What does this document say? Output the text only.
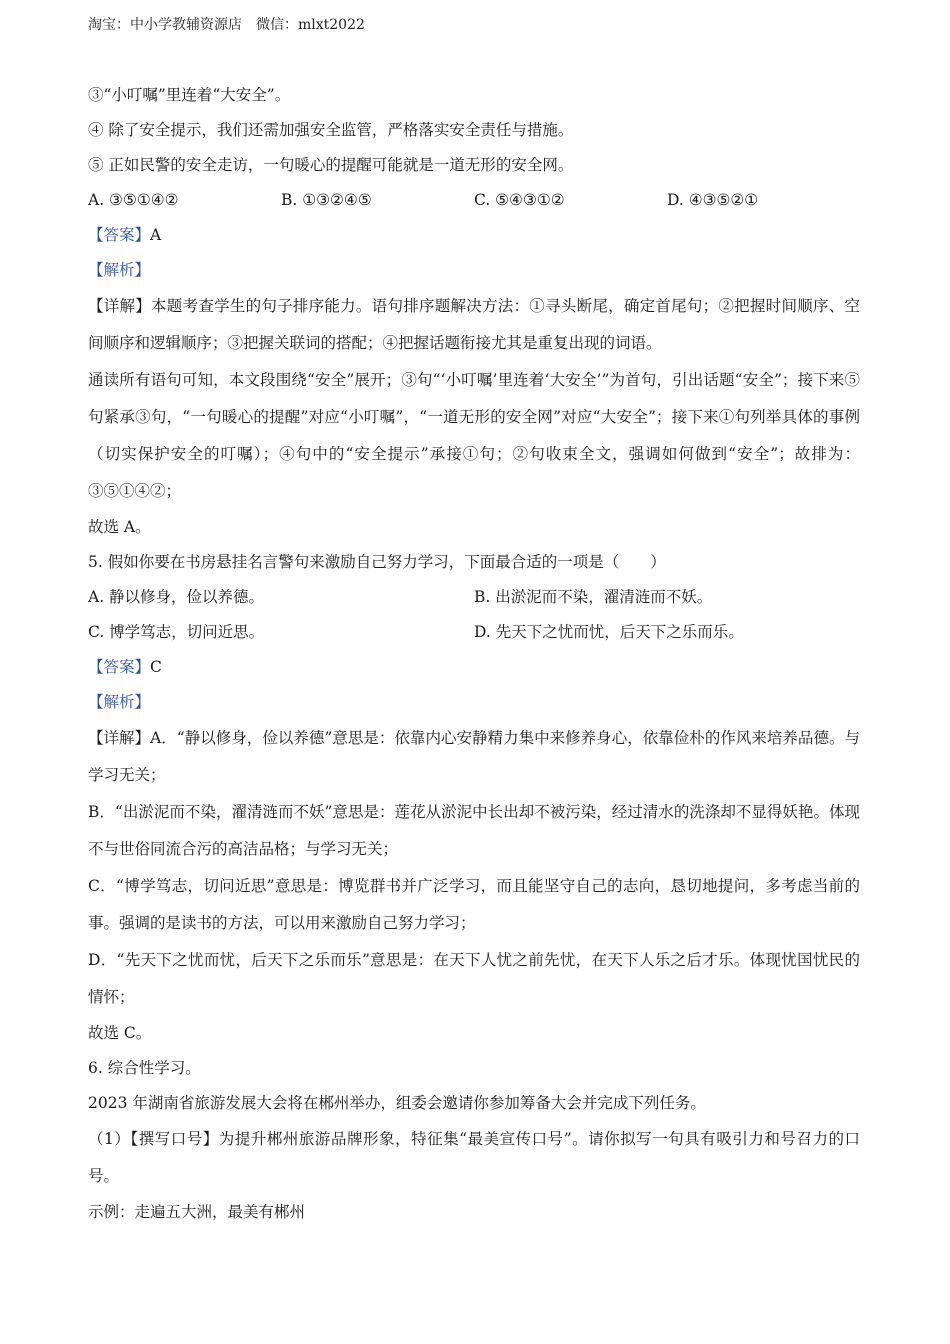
淘宝：中小学教辅资源店 微信：mlxt2022
③“小叮嘱”里连着“大安全”。
④ 除了安全提示，我们还需加强安全监管，严格落实安全责任与措施。
⑤ 正如民警的安全走访，一句暖心的提醒可能就是一道无形的安全网。
A. ③⑤①④②	B. ①③②④⑤	C. ⑤④③①②	D. ④③⑤②①
【答案】A
【解析】
【详解】本题考查学生的句子排序能力。语句排序题解决方法：①寻头断尾，确定首尾句；②把握时间顺序、空间顺序和逻辑顺序；③把握关联词的搭配；④把握话题衔接尤其是重复出现的词语。
通读所有语句可知，本文段围绕“安全”展开；③句“‘小叮嘱’里连着‘大安全’”为首句，引出话题“安全”；接下来⑤句紧承③句，“一句暖心的提醒”对应“小叮嘱”，“一道无形的安全网”对应“大安全”；接下来①句列举具体的事例（切实保护安全的叮嘱）；④句中的“安全提示”承接①句；②句收束全文，强调如何做到“安全”；故排为：③⑤①④②；
故选 A。
5. 假如你要在书房悬挂名言警句来激励自己努力学习，下面最合适的一项是（　　）
A. 静以修身，俭以养德。	B. 出淤泥而不染，濯清涟而不妖。
C. 博学笃志，切问近思。	D. 先天下之忧而忧，后天下之乐而乐。
【答案】C
【解析】
【详解】A．“静以修身，俭以养德”意思是：依靠内心安静精力集中来修养身心，依靠俭朴的作风来培养品德。与学习无关；
B．“出淤泥而不染，濯清涟而不妖”意思是：莲花从淤泥中长出却不被污染，经过清水的洗涤却不显得妖艳。体现不与世俗同流合污的高洁品格；与学习无关；
C．“博学笃志，切问近思”意思是：博览群书并广泛学习，而且能坚守自己的志向，恳切地提问，多考虑当前的事。强调的是读书的方法，可以用来激励自己努力学习；
D．“先天下之忧而忧，后天下之乐而乐”意思是：在天下人忧之前先忧，在天下人乐之后才乐。体现忧国忧民的情怀；
故选 C。
6. 综合性学习。
2023 年湖南省旅游发展大会将在郴州举办，组委会邀请你参加筹备大会并完成下列任务。
（1）【撰写口号】为提升郴州旅游品牌形象，特征集“最美宣传口号”。请你拟写一句具有吸引力和号召力的口号。
示例：走遍五大洲，最美有郴州
